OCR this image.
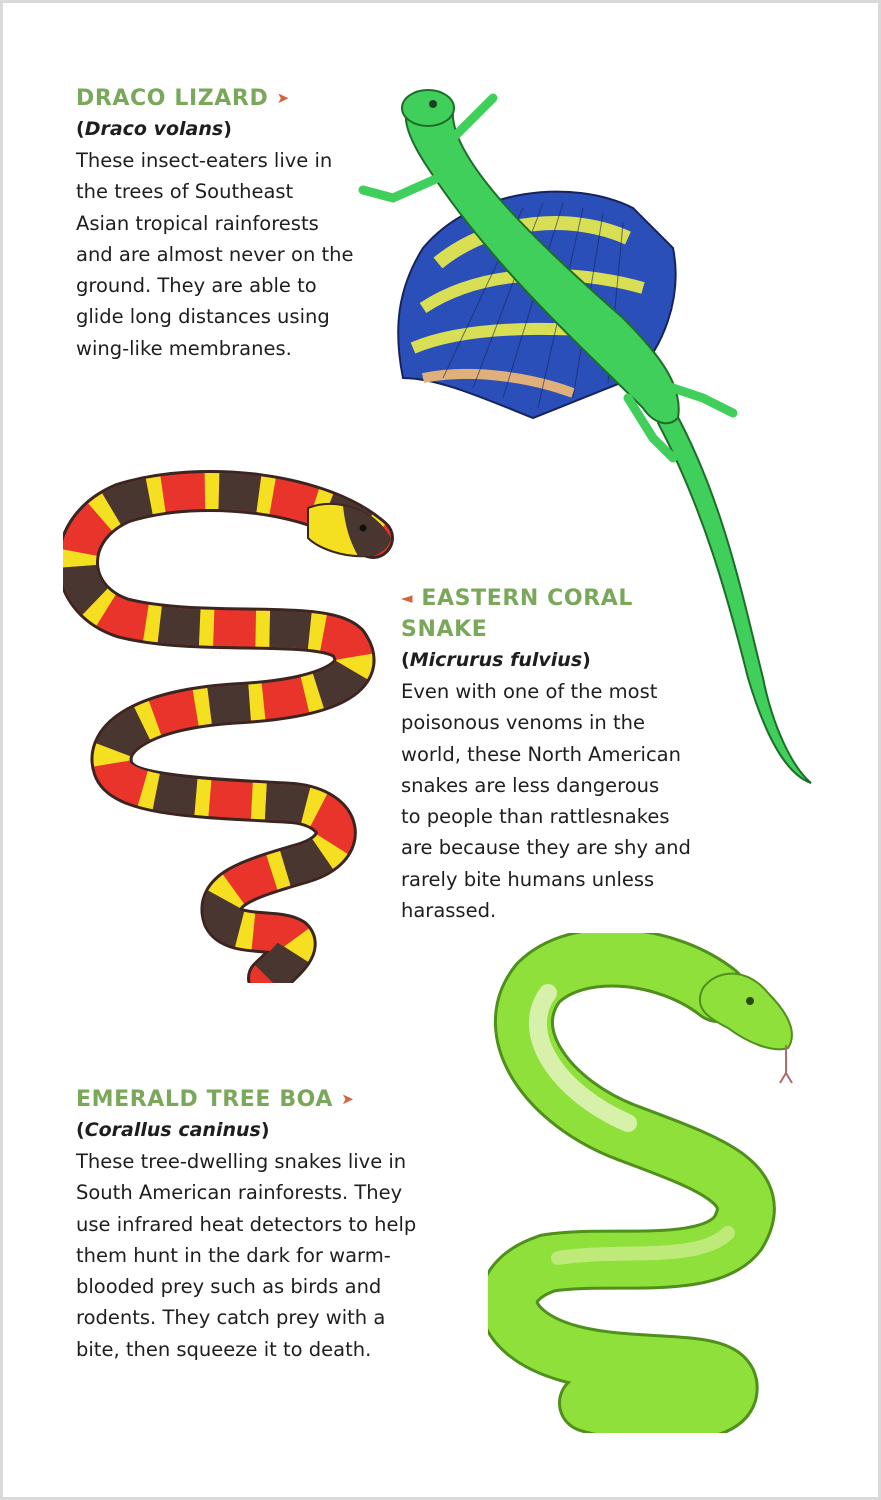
DRACO LIZARD ➤
(Draco volans)
These insect-eaters live in
the trees of Southeast
Asian tropical rainforests
and are almost never on the
ground. They are able to
glide long distances using
wing-like membranes.
◄ EASTERN CORAL
SNAKE
(Micrurus fulvius)
Even with one of the most
poisonous venoms in the
world, these North American
snakes are less dangerous
to people than rattlesnakes
are because they are shy and
rarely bite humans unless
harassed.
EMERALD TREE BOA ➤
(Corallus caninus)
These tree-dwelling snakes live in
South American rainforests. They
use infrared heat detectors to help
them hunt in the dark for warm-
blooded prey such as birds and
rodents. They catch prey with a
bite, then squeeze it to death.
